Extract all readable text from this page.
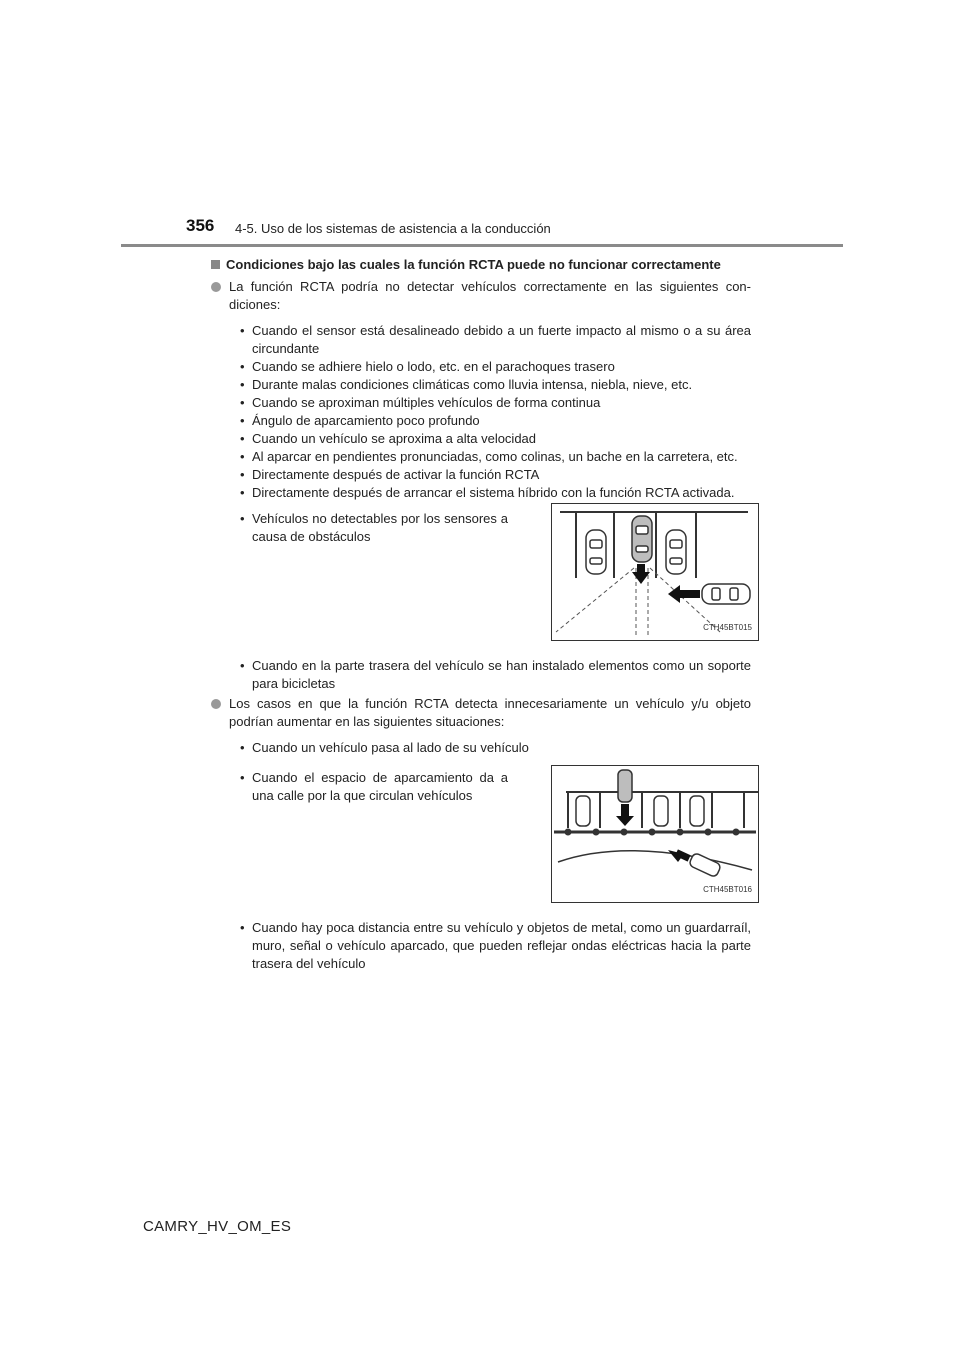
356 4-5. Uso de los sistemas de asistencia a la conducción
Condiciones bajo las cuales la función RCTA puede no funcionar correctamente
La función RCTA podría no detectar vehículos correctamente en las siguientes condiciones:
• Cuando el sensor está desalineado debido a un fuerte impacto al mismo o a su área circundante
• Cuando se adhiere hielo o lodo, etc. en el parachoques trasero
• Durante malas condiciones climáticas como lluvia intensa, niebla, nieve, etc.
• Cuando se aproximan múltiples vehículos de forma continua
• Ángulo de aparcamiento poco profundo
• Cuando un vehículo se aproxima a alta velocidad
• Al aparcar en pendientes pronunciadas, como colinas, un bache en la carretera, etc.
• Directamente después de activar la función RCTA
• Directamente después de arrancar el sistema híbrido con la función RCTA activada.
• Vehículos no detectables por los sensores a causa de obstáculos
CTH45BT015
• Cuando en la parte trasera del vehículo se han instalado elementos como un soporte para bicicletas
Los casos en que la función RCTA detecta innecesariamente un vehículo y/u objeto podrían aumentar en las siguientes situaciones:
• Cuando un vehículo pasa al lado de su vehículo
• Cuando el espacio de aparcamiento da a una calle por la que circulan vehículos
CTH45BT016
• Cuando hay poca distancia entre su vehículo y objetos de metal, como un guardarraíl, muro, señal o vehículo aparcado, que pueden reflejar ondas eléctricas hacia la parte trasera del vehículo
CAMRY_HV_OM_ES
